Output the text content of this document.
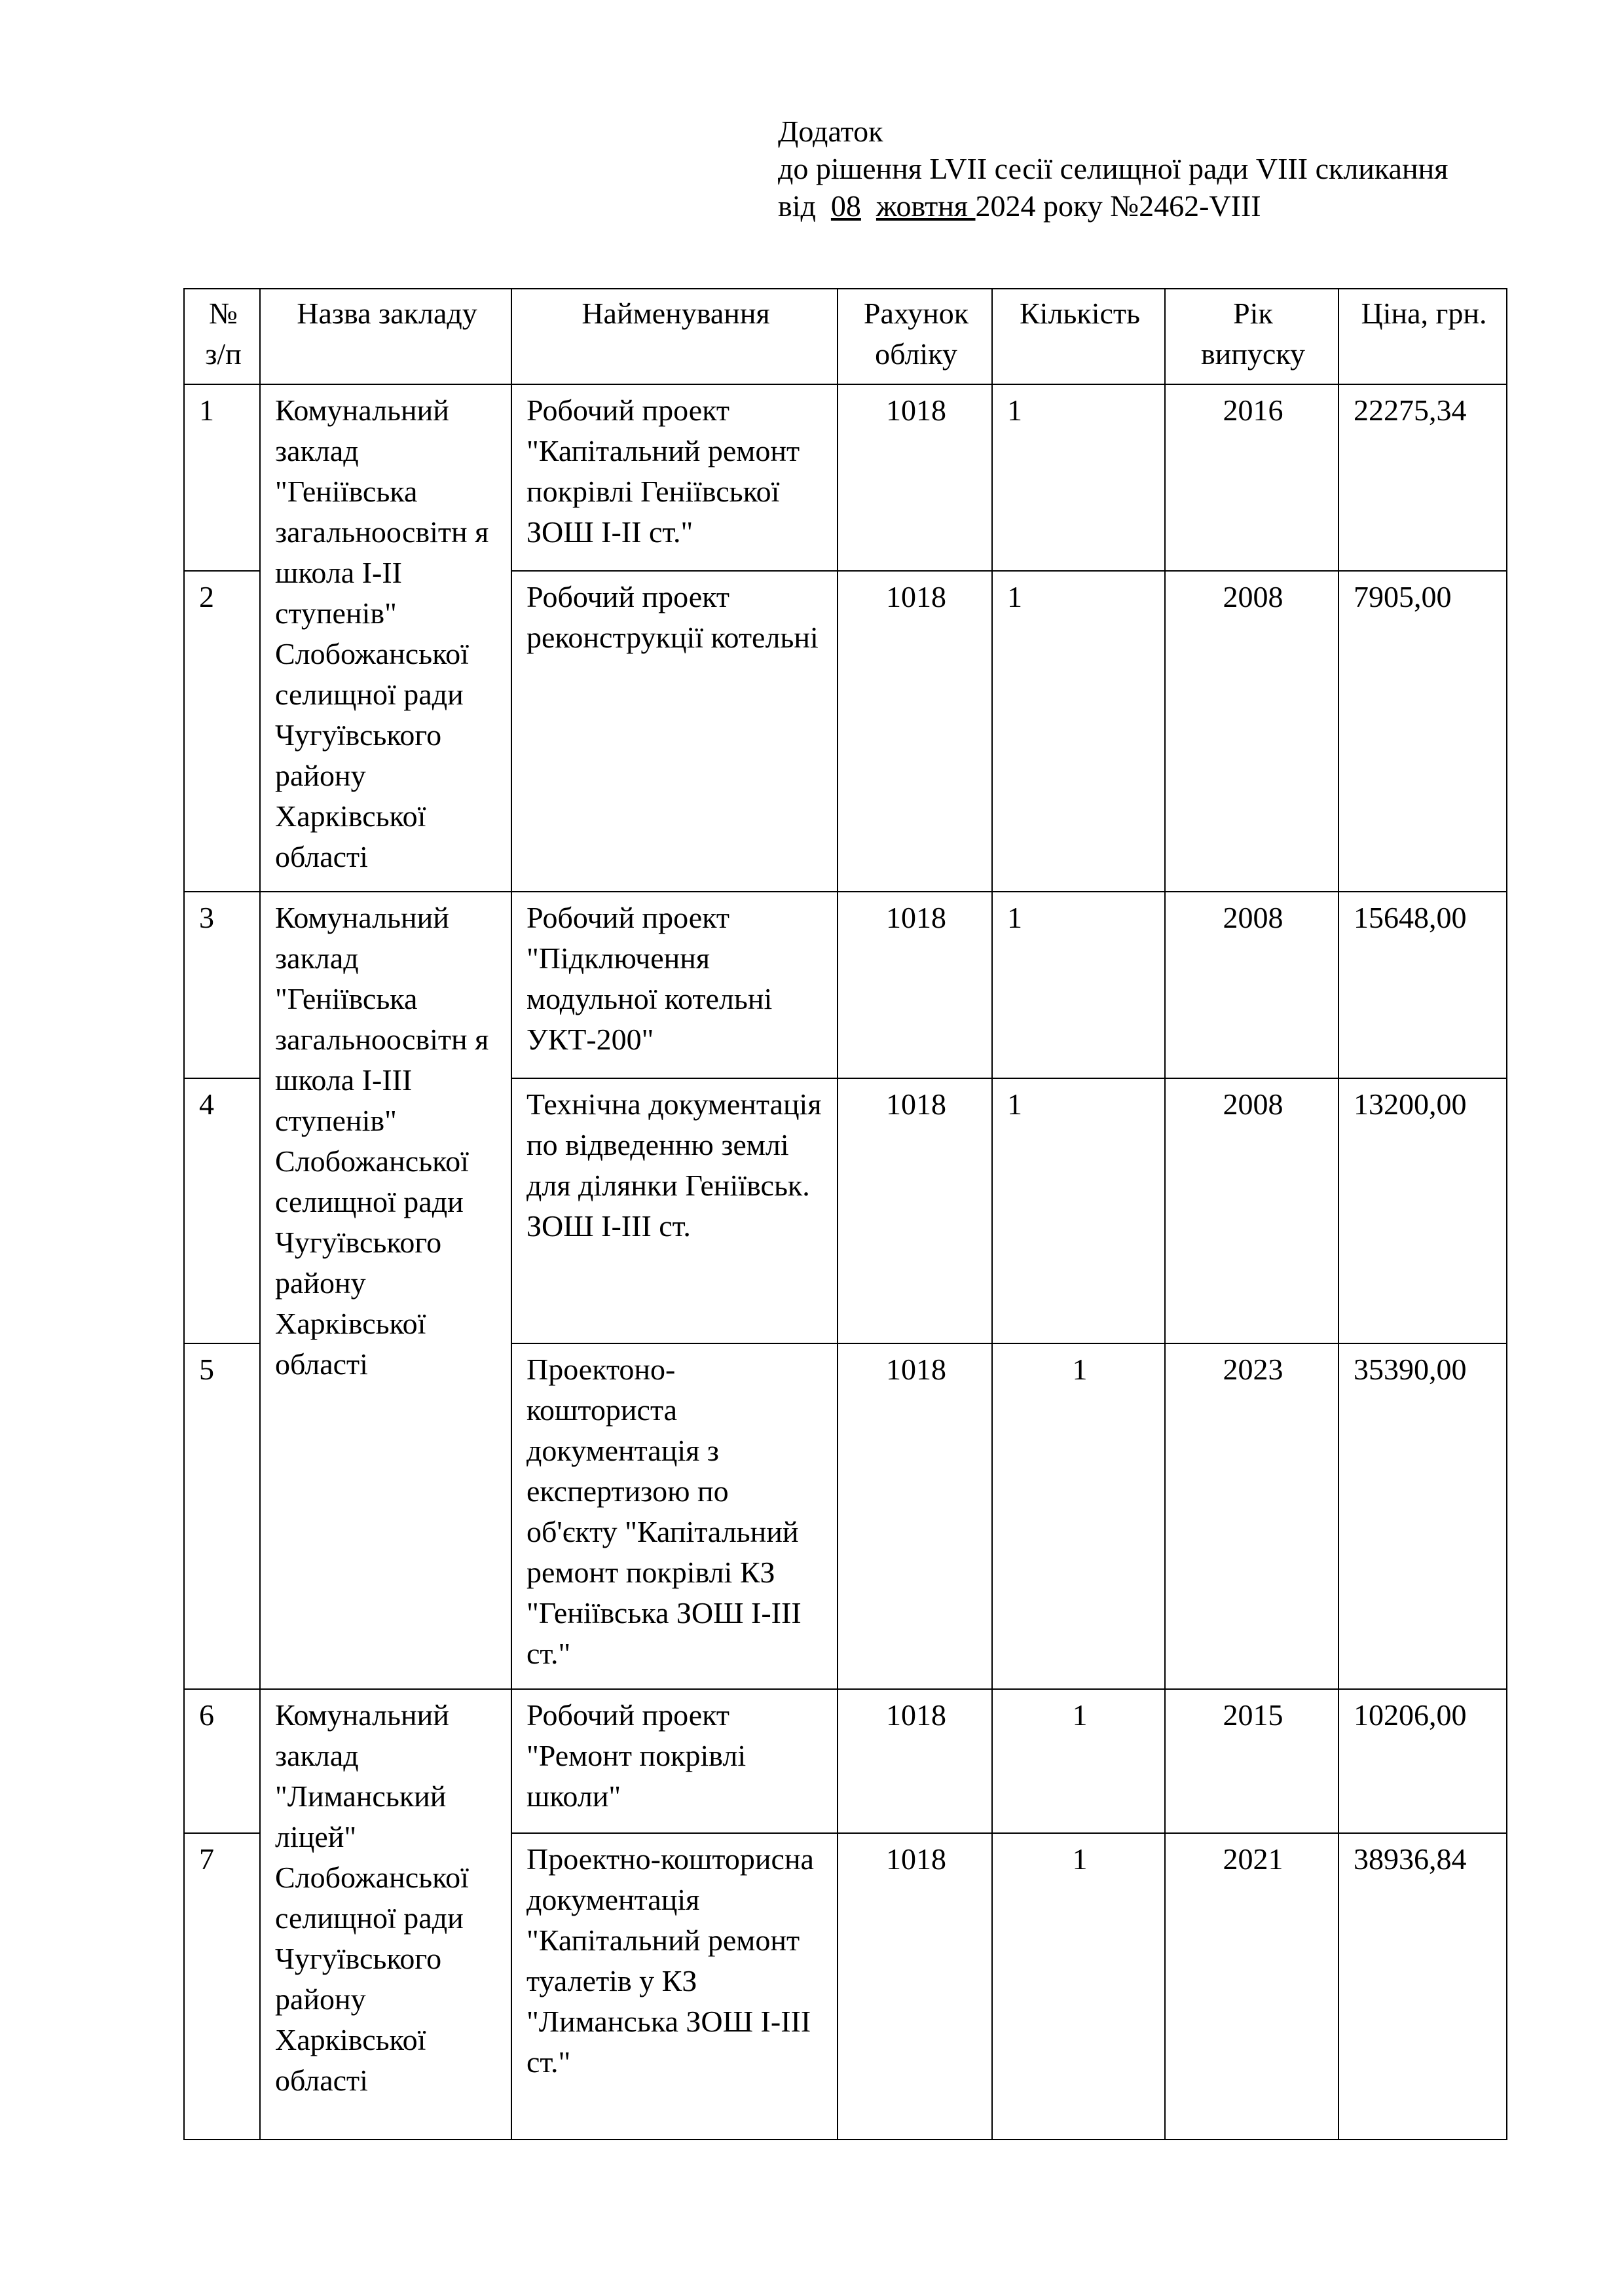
Додаток
до рішення LVII сесії селищної ради VIII скликання
від  08 жовтня 2024 року №2462-VIII
№ з/п	Назва закладу	Найменування	Рахунок обліку	Кількість	Рік випуску	Ціна, грн.
1	Комунальний заклад "Геніївська загальноосвітн я школа І-ІІ ступенів" Слобожанської селищної ради Чугуївського району Харківської області	Робочий проект "Капітальний ремонт покрівлі Геніївської ЗОШ І-ІІ ст."	1018	1	2016	22275,34
2		Робочий проект реконструкції котельні	1018	1	2008	7905,00
3	Комунальний заклад "Геніївська загальноосвітн я школа І-ІІІ ступенів" Слобожанської селищної ради Чугуївського району Харківської області	Робочий проект "Підключення модульної котельні УКТ-200"	1018	1	2008	15648,00
4		Технічна документація по відведенню землі для ділянки Геніївськ. ЗОШ І-ІІІ ст.	1018	1	2008	13200,00
5		Проектоно-кошториста документація з експертизою по об'єкту "Капітальний ремонт покрівлі КЗ "Геніївська ЗОШ І-ІІІ ст."	1018	1	2023	35390,00
6	Комунальний заклад "Лиманський ліцей" Слобожанської селищної ради Чугуївського району Харківської області	Робочий проект "Ремонт покрівлі школи"	1018	1	2015	10206,00
7		Проектно-кошторисна документація "Капітальний ремонт туалетів у КЗ "Лиманська ЗОШ І-ІІІ ст."	1018	1	2021	38936,84
